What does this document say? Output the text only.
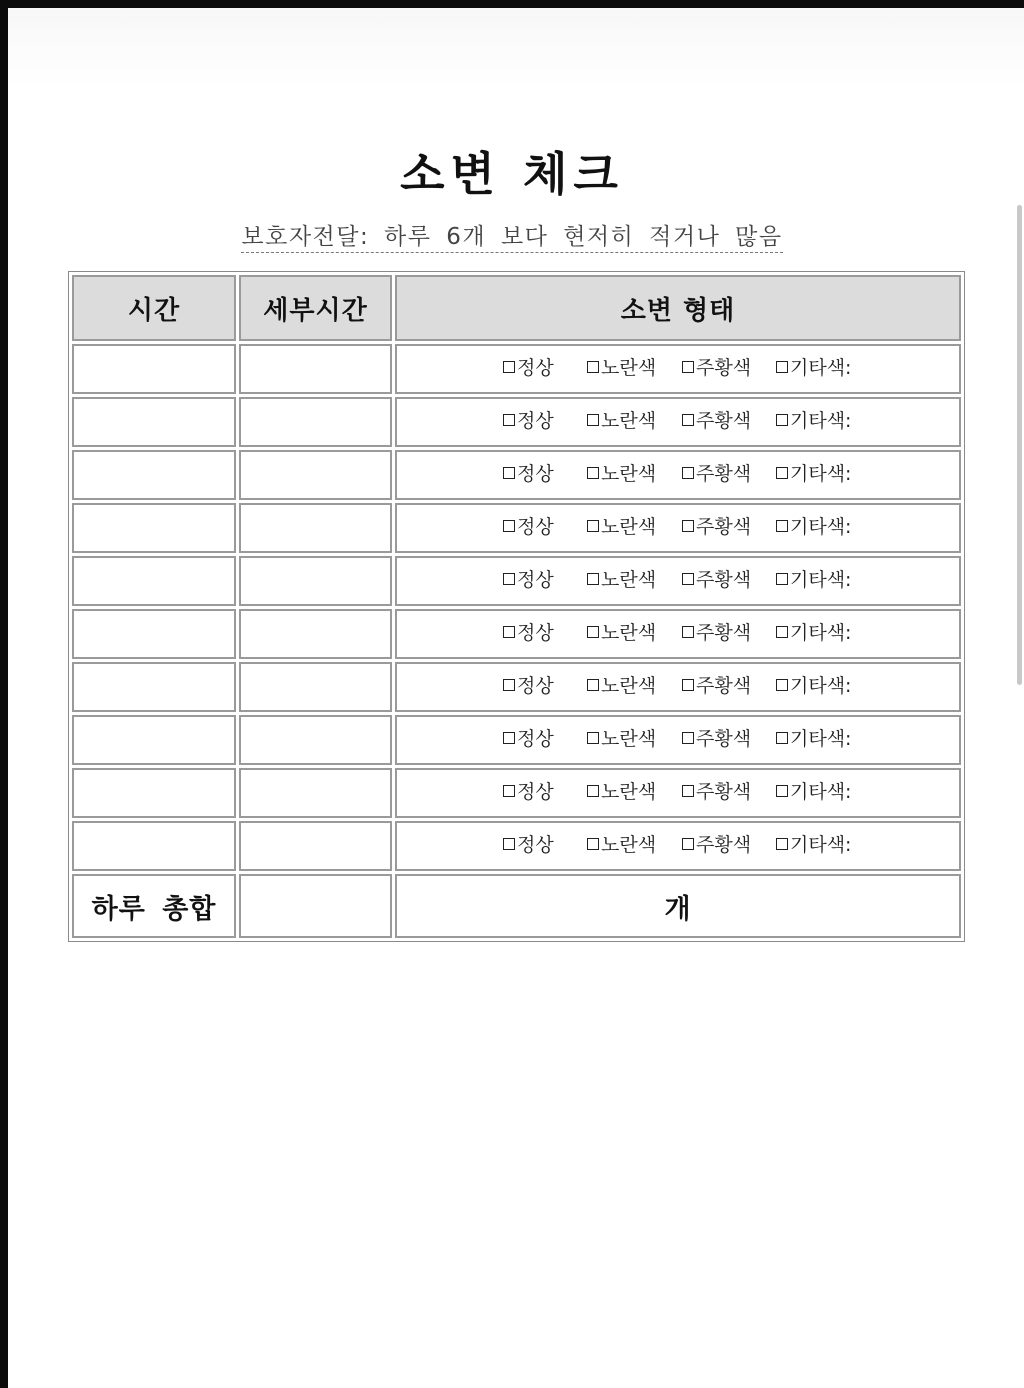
소변 체크
보호자전달: 하루 6개 보다 현저히 적거나 많음
시간	세부시간	소변 형태

		정상 노란색 주황색 기타색:

		정상 노란색 주황색 기타색:

		정상 노란색 주황색 기타색:

		정상 노란색 주황색 기타색:

		정상 노란색 주황색 기타색:

		정상 노란색 주황색 기타색:

		정상 노란색 주황색 기타색:

		정상 노란색 주황색 기타색:

		정상 노란색 주황색 기타색:

		정상 노란색 주황색 기타색:

하루 총합		개
